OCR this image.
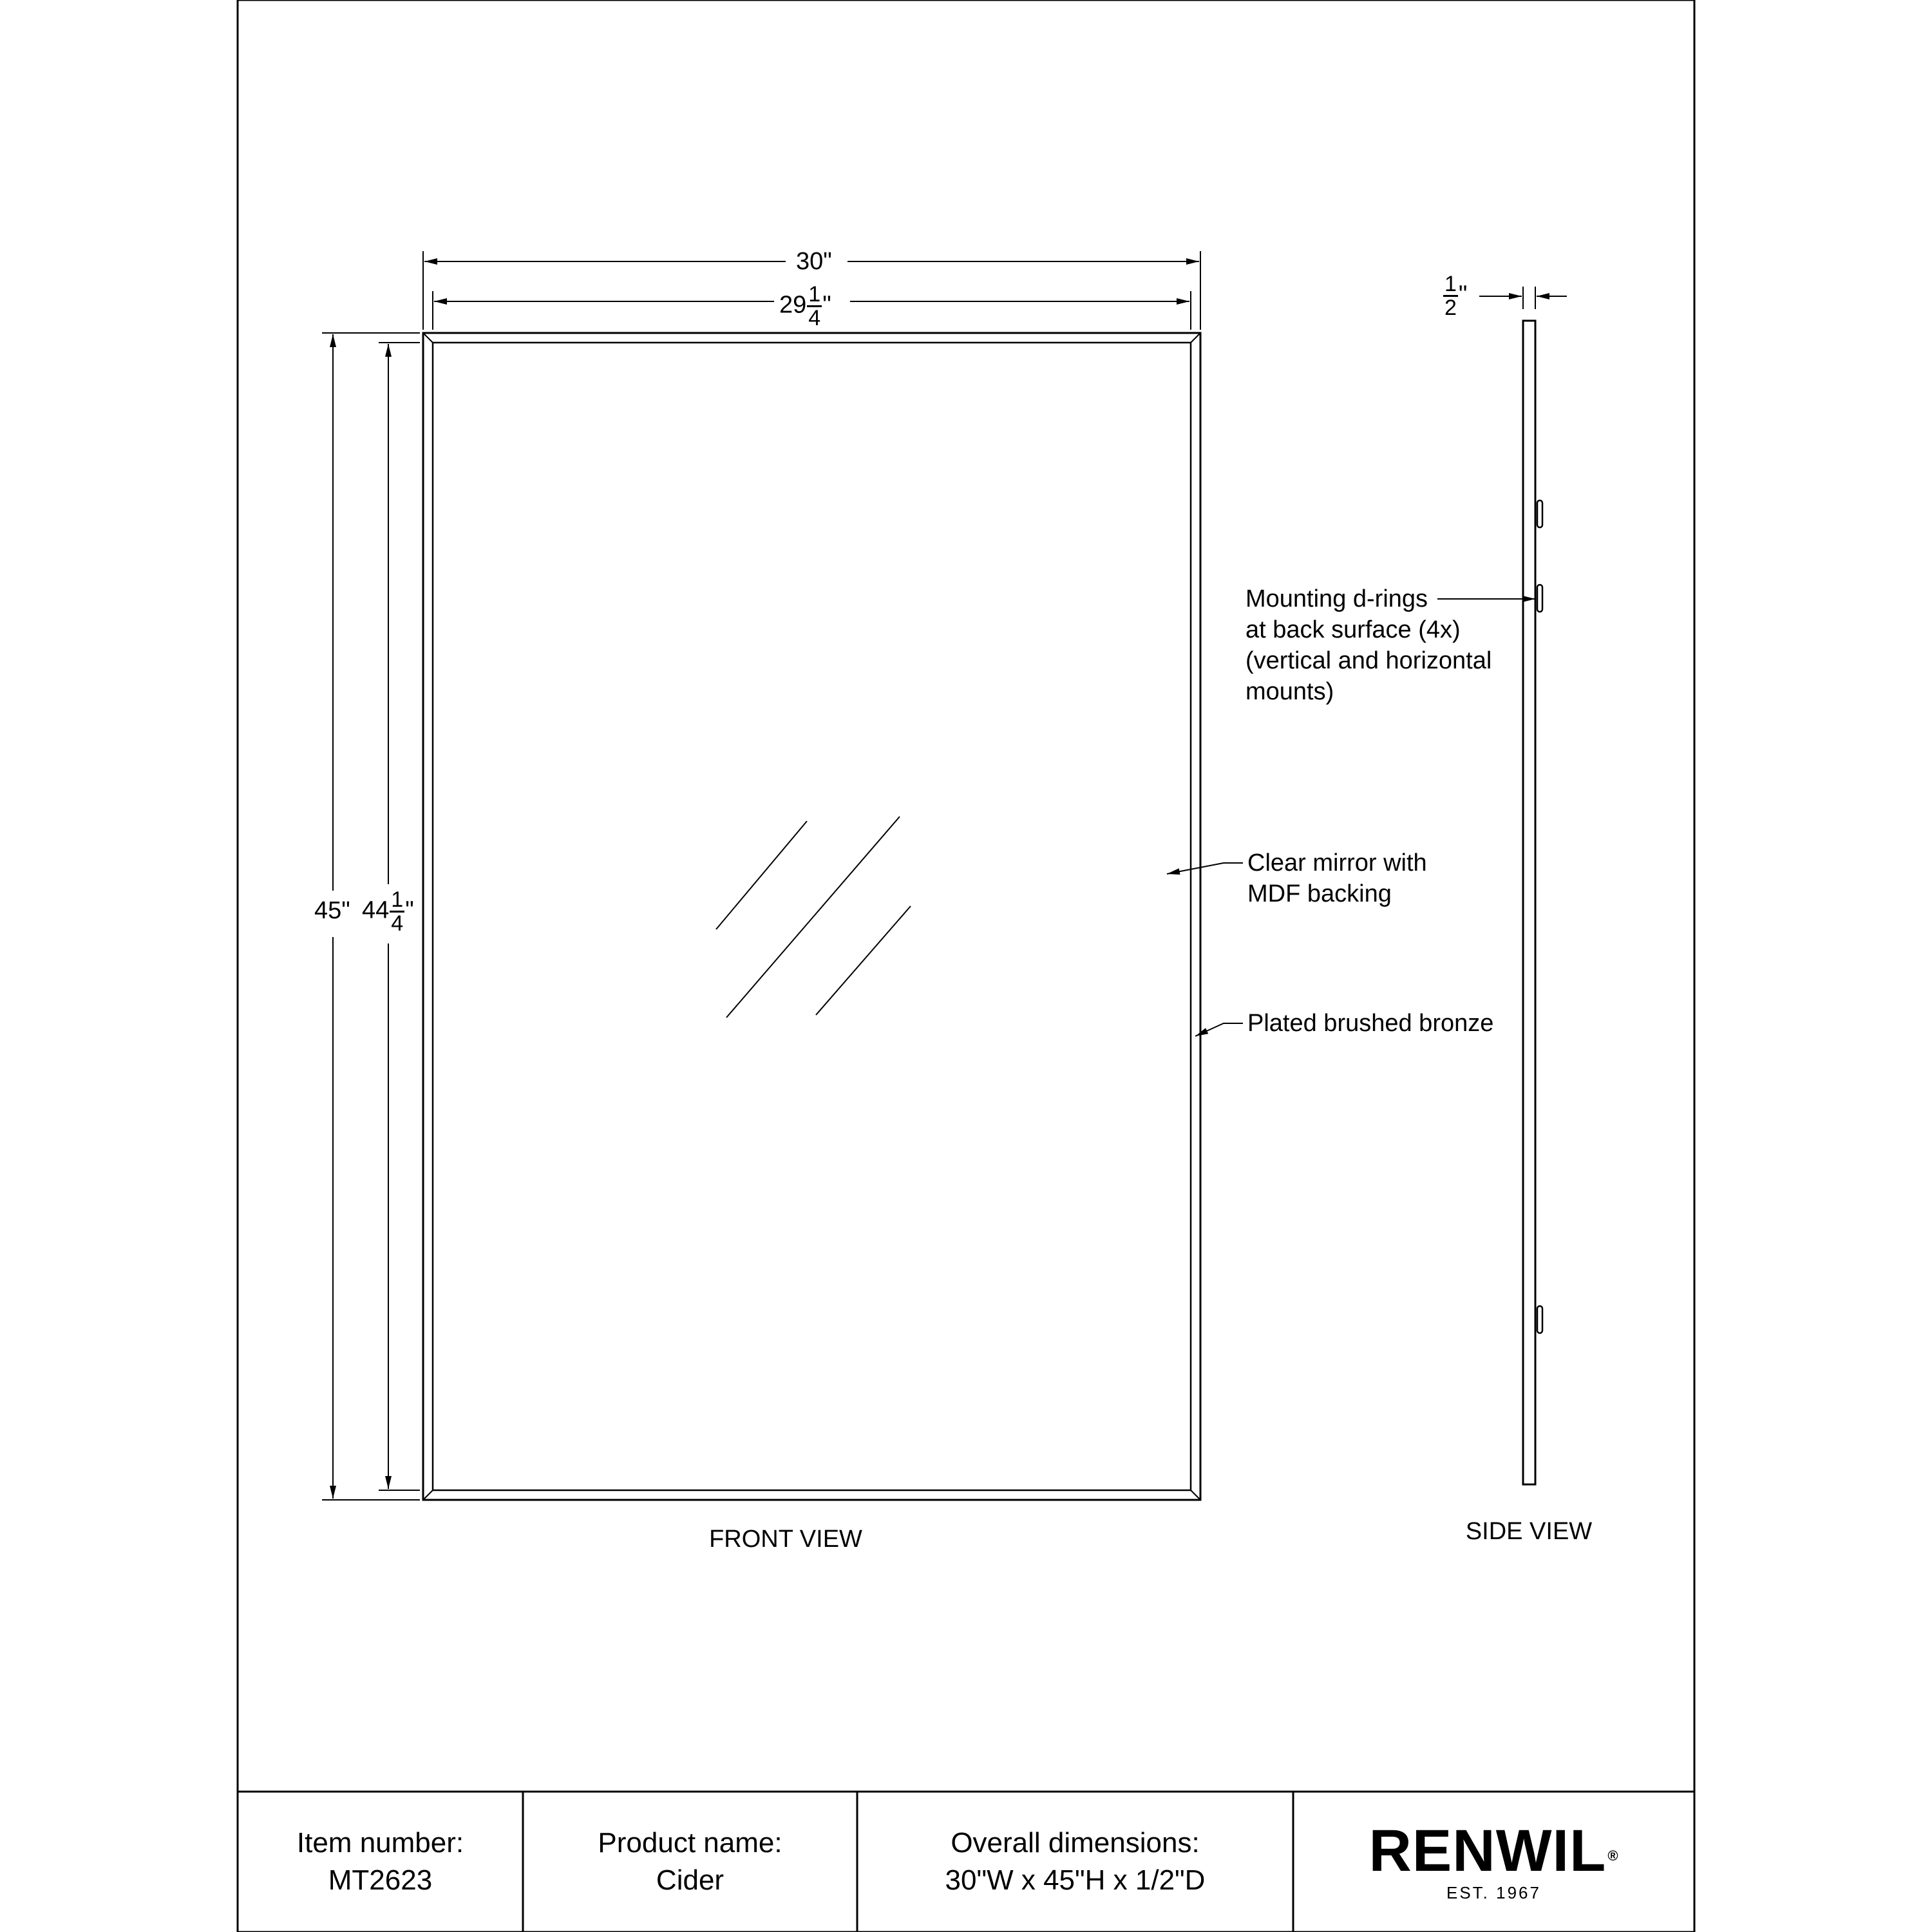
30"
$29 \frac{1}{4}$ "
45" $44 \frac{1}{4}$ "
$\frac{1}{2}$ "
Mounting d-rings
at back surface (4x)
(vertical and horizontal
mounts)
Clear mirror with
MDF backing
Plated brushed bronze
FRONT VIEW	SIDE VIEW
Item number:
MT2623
Product name:
Cider
Overall dimensions:
30"W x 45"H x 1/2"D	RENWIL®
EST. 1967
